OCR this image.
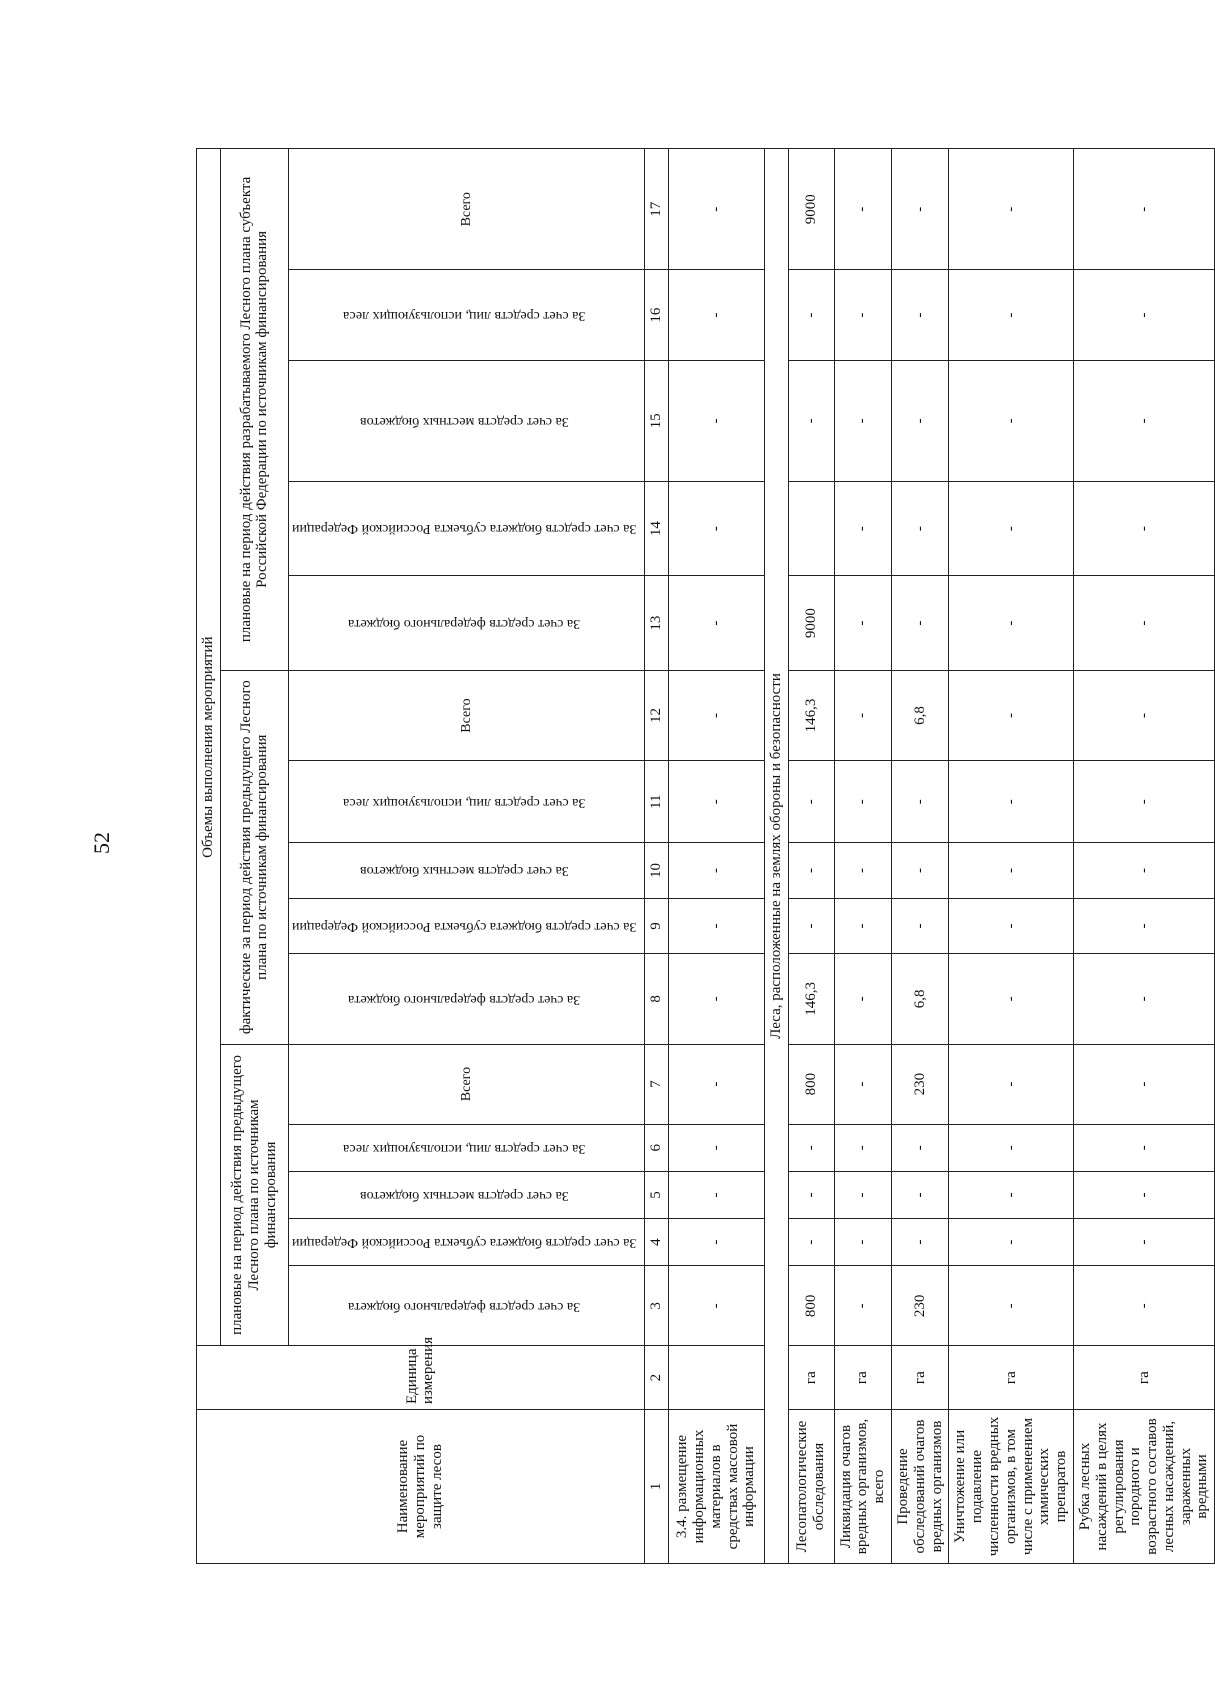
52
Наименование мероприятий по защите лесов	Единица измерения	Объемы выполнения мероприятий														
		плановые на период действия предыдущего Лесного плана по источникам финансирования					фактические за период действия предыдущего Лесного плана по источникам финансирования					плановые на период действия разрабатываемого Лесного плана субъекта Российской Федерации по источникам финансирования				
		За счет средств федерального бюджета	За счет средств бюджета субъекта Российской Федерации	За счет средств местных бюджетов	За счет средств лиц, использующих леса	Всего	За счет средств федерального бюджета	За счет средств бюджета субъекта Российской Федерации	За счет средств местных бюджетов	За счет средств лиц, использующих леса	Всего	За счет средств федерального бюджета	За счет средств бюджета субъекта Российской Федерации	За счет средств местных бюджетов	За счет средств лиц, использующих леса	Всего
1	2	3	4	5	6	7	8	9	10	11	12	13	14	15	16	17
3.4. размещение информационных материалов в средствах массовой информации		-	-	-	-	-	-	-	-	-	-	-	-	-	-	-
Леса, расположенные на землях обороны и безопасности																
Лесопатологические обследования	га	800	-	-	-	800	146,3	-	-	-	146,3	9000		-	-	9000
Ликвидация очагов вредных организмов, всего	га	-	-	-	-	-	-	-	-	-	-	-	-	-	-	-
Проведение обследований очагов вредных организмов	га	230	-	-	-	230	6,8	-	-	-	6,8	-	-	-	-	-
Уничтожение или подавление численности вредных организмов, в том числе с применением химических препаратов	га	-	-	-	-	-	-	-	-	-	-	-	-	-	-	-
Рубка лесных насаждений в целях регулирования породного и возрастного составов лесных насаждений, зараженных вредными	га	-	-	-	-	-	-	-	-	-	-	-	-	-	-	-
